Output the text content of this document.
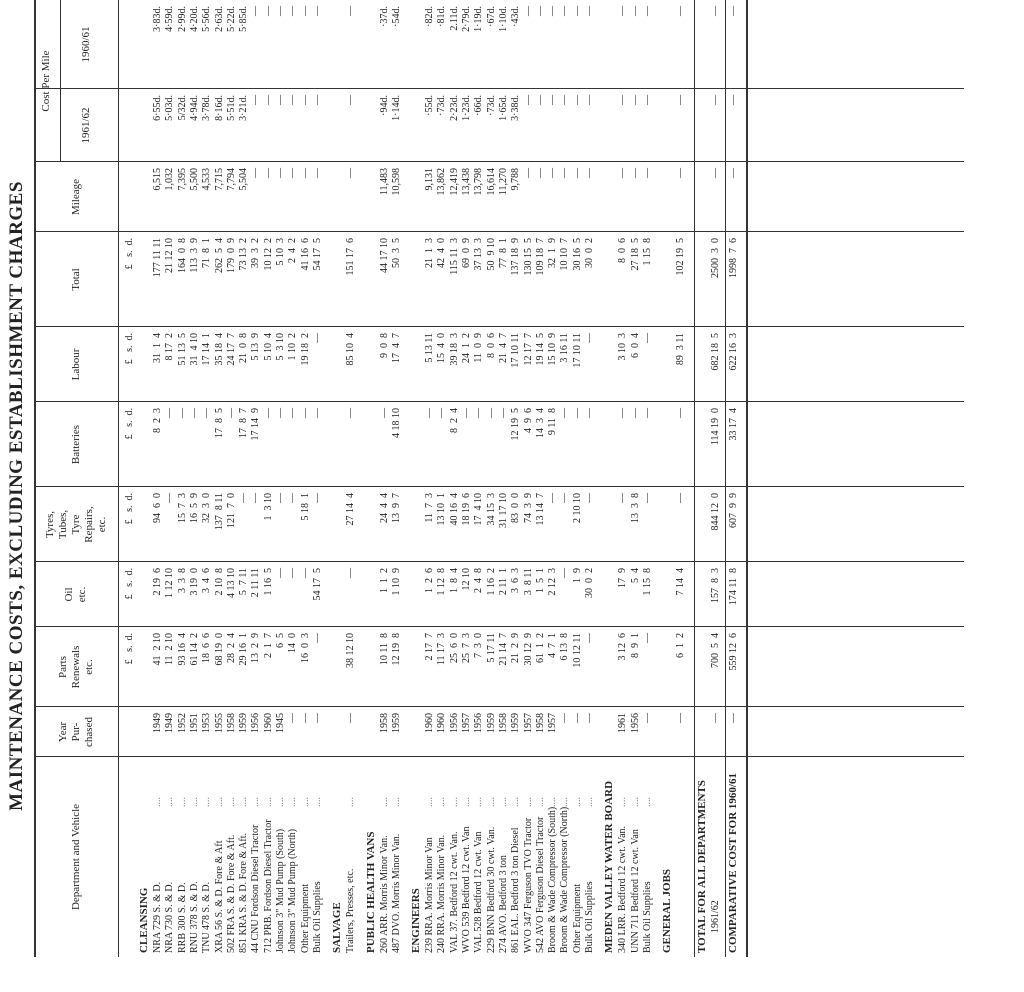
MAINTENANCE COSTS, EXCLUDING ESTABLISHMENT CHARGES
Department and Vehicle
Year
Pur-
chased
Parts
Renewals
etc.
Oil
etc.
Tyres,
Tubes,
Tyre
Repairs,
etc.
Batteries
Labour
Total
Mileage
Cost Per Mile
1961/62
1960/61
£   s.  d.
£   s.  d.
£   s.  d.
£   s.  d.
£   s.  d.
£   s.  d.
CLEANSING NRA 729 S. & D.
....
1949
41  2 10
2 19  6
94  6  0
8  2  3
31  1  4
177 11 11
6,515
6·55d.
3·83d.
NRA 730 S. & D.
....
1949
11  2 10
1 12 10
—
—
8 17  2
21 12 10
1,032
5·03d.
4·59d.
RRB 300 S. & D.
....
1952
93 16  4
3  3  8
15  7  3
—
51 13  5
164  0  8
7,395
5/32d.
2·99d.
RNU 378 S. & D.
....
1951
61 14  2
3 19  0
16  5  9
—
31  4 10
113  3  9
5,500
4·94d.
4·20d.
TNU 478 S. & D.
....
1953
18  6  6
3  4  6
32  3  0
—
17 14  1
71  8  1
4,533
3·78d.
5·56d.
XRA 56 S. & D. Fore & Aft
....
1955
68 19  0
2 10  8
137  8 11
17  8  5
35 18  4
262  5  4
7,715
8·16d.
2·63d.
502 FRA S. & D. Fore & Aft.
....
1958
28  2  4
4 13 10
121  7  0
—
24 17  7
179  0  9
7,794
5·51d.
5·22d.
851 KRA S. & D. Fore & Aft.
....
1959
29 16  1
5  7 11
—
17  8  7
21  0  8
73 13  2
5,504
3·21d.
5·85d.
44 CNU Fordson Diesel Tractor
....
1956
13  2  9
2 11 11
—
17 14  9
5 13  9
39  3  2
—
—
—
712 PRB. Fordson Diesel Tractor
....
1960
2  1  7
1 16  5
1  3 10
—
5 10  4
10 12  2
—
—
—
Johnson 3" Mud Pump (South)
....
1945
6  5
—
—
—
5  3 10
5 10  3
—
—
—
Johnson 3" Mud Pump (North)
....
—
14  0
—
—
—
1 10  2
2  4  2
—
—
—
Other Equipment
....
—
16  0  3
—
5 18  1
—
19 18  2
41 16  6
—
—
—
Bulk Oil Supplies
....
—
—
54 17  5
—
—
—
54 17  5
—
—
—
SALVAGE Trailers, Presses, etc.
....
—
38 12 10
—
27 14  4
—
85 10  4
151 17  6
—
—
—
PUBLIC HEALTH VANS 260 ARR. Morris Minor Van.
....
1958
10 11  8
1  1  2
24  4  4
—
9  0  8
44 17 10
11,483
·94d.
·37d.
487 DVO. Morris Minor Van.
....
1959
12 19  8
1 10  9
13  9  7
4 18 10
17  4  7
50  3  5
10,598
1·14d.
·54d.
ENGINEERS 239 RRA. Morris Minor Van
....
1960
2 17  7
1  2  6
11  7  3
—
5 13 11
21  1  3
9,131
·55d.
·82d.
240 RRA. Morris Minor Van.
....
1960
11 17  3
1 12  8
13 10  1
—
15  4  0
42  4  0
13,862
·73d.
·81d.
VAL 37. Bedford 12 cwt. Van.
....
1956
25  6  0
1  8  4
40 16  4
8  2  4
39 18  3
115 11  3
12,419
2·23d.
2.11d.
WVO 539 Bedford 12 cwt. Van
....
1957
25  7  3
12 10
18 19  6
—
24  1  2
69  0  9
13,438
1·23d.
2·79d.
VAL 528 Bedford 12 cwt. Van
....
1956
7  3  0
2  4  8
17  4 10
—
11  0  9
37 13  3
13,798
·66d.
1·19d.
229 BNN Bedford 30 cwt. Van.
....
1959
5 17 11
1 16  2
34 15  3
—
8  0  6
50  9 10
16,614
·73d.
·67d.
274 AVO. Bedford 3 ton
....
1958
21 14  7
2 11  1
31 17 10
—
21  4  7
77  8  1
11,270
1·65d.
1·10d.
861 EAL. Bedford 3 ton Diesel
....
1959
21  2  9
3  6  3
83  0  0
12 19  5
17 10 11
137 18  9
9,788
3·38d.
·43d.
WVO 347 Ferguson TVO Tractor
....
1957
30 12  9
3  8 11
74  3  9
4  9  6
12 17  7
130 15  5
—
—
—
542 AVO Ferguson Diesel Tractor
....
1958
61  1  2
1  5  1
13 14  7
14  3  4
19 14  5
109 18  7
—
—
—
Broom & Wade Compressor (South)
....
1957
4  7  1
2 12  3
—
9 11  8
15 10  9
32  1  9
—
—
—
Broom & Wade Compressor (North)
....
—
6 13  8
—
—
—
3 16 11
10 10  7
—
—
—
Other Equipment
....
—
10 12 11
1  9
2 10 10
—
17 10 11
30 16  5
—
—
—
Bulk Oil Supplies
....
—
—
30  0  2
—
—
—
30  0  2
—
—
—
MEDEN VALLEY WATER BOARD 340 LRR. Bedford 12 cwt. Van.
....
1961
3 12  6
17  9
—
—
3 10  3
8  0  6
—
—
—
UNN 711 Bedford 12 cwt. Van
....
1956
8  9  1
5  4
13  3  8
—
6  0  4
27 18  5
—
—
—
Bulk Oil Supplies
....
—
—
1 15  8
—
—
—
1 15  8
—
—
—
GENERAL JOBS
—
6  1  2
7 14  4
—
—
89  3 11
102 19  5
—
—
—
TOTAL FOR ALL DEPARTMENTS 1961/62
—
700  5  4
157  8  3
844 12  0
114 19  0
682 18  5
2500  3  0
—
—
—
COMPARATIVE COST FOR 1960/61
—
559 12  6
174 11  8
607  9  9
33 17  4
622 16  3
1998  7  6
—
—
—
